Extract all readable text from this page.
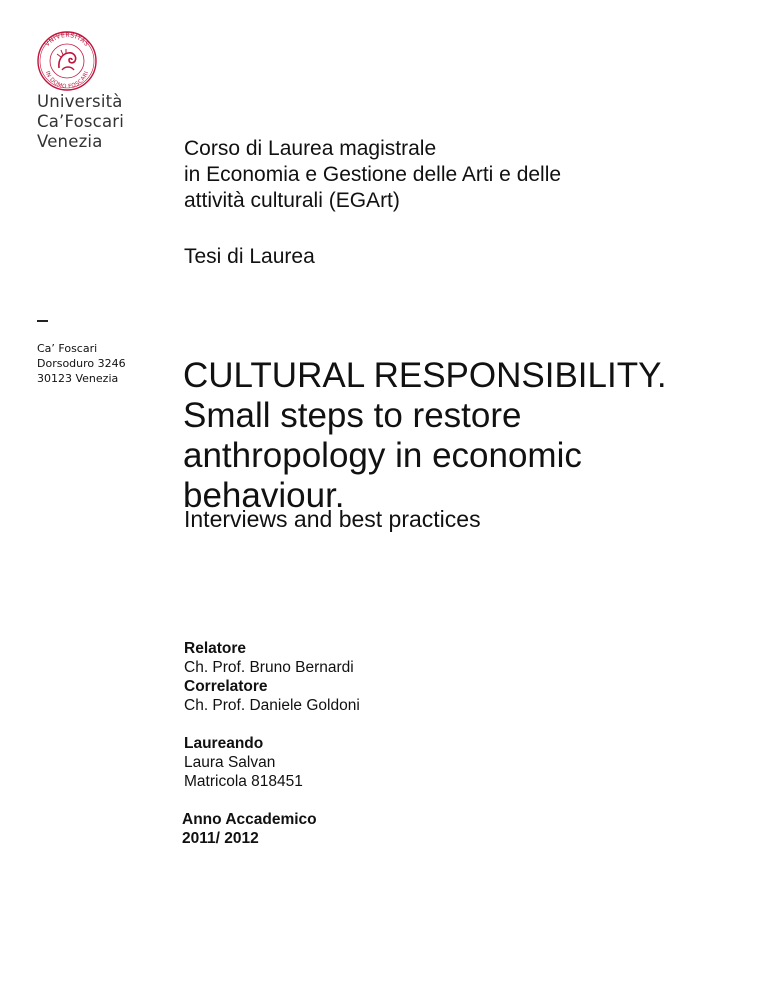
VNIVERSITAS
IN DOMO FOSCARI
Università
Ca’Foscari
Venezia
Ca’ Foscari
Dorsoduro 3246
30123 Venezia
Corso di Laurea magistrale
in Economia e Gestione delle Arti e delle
attività culturali (EGArt)
Tesi di Laurea
CULTURAL RESPONSIBILITY.
Small steps to restore
anthropology in economic
behaviour.
Interviews and best practices
Relatore
Ch. Prof. Bruno Bernardi
Correlatore
Ch. Prof. Daniele Goldoni
Laureando
Laura Salvan
Matricola 818451
Anno Accademico
2011/ 2012
